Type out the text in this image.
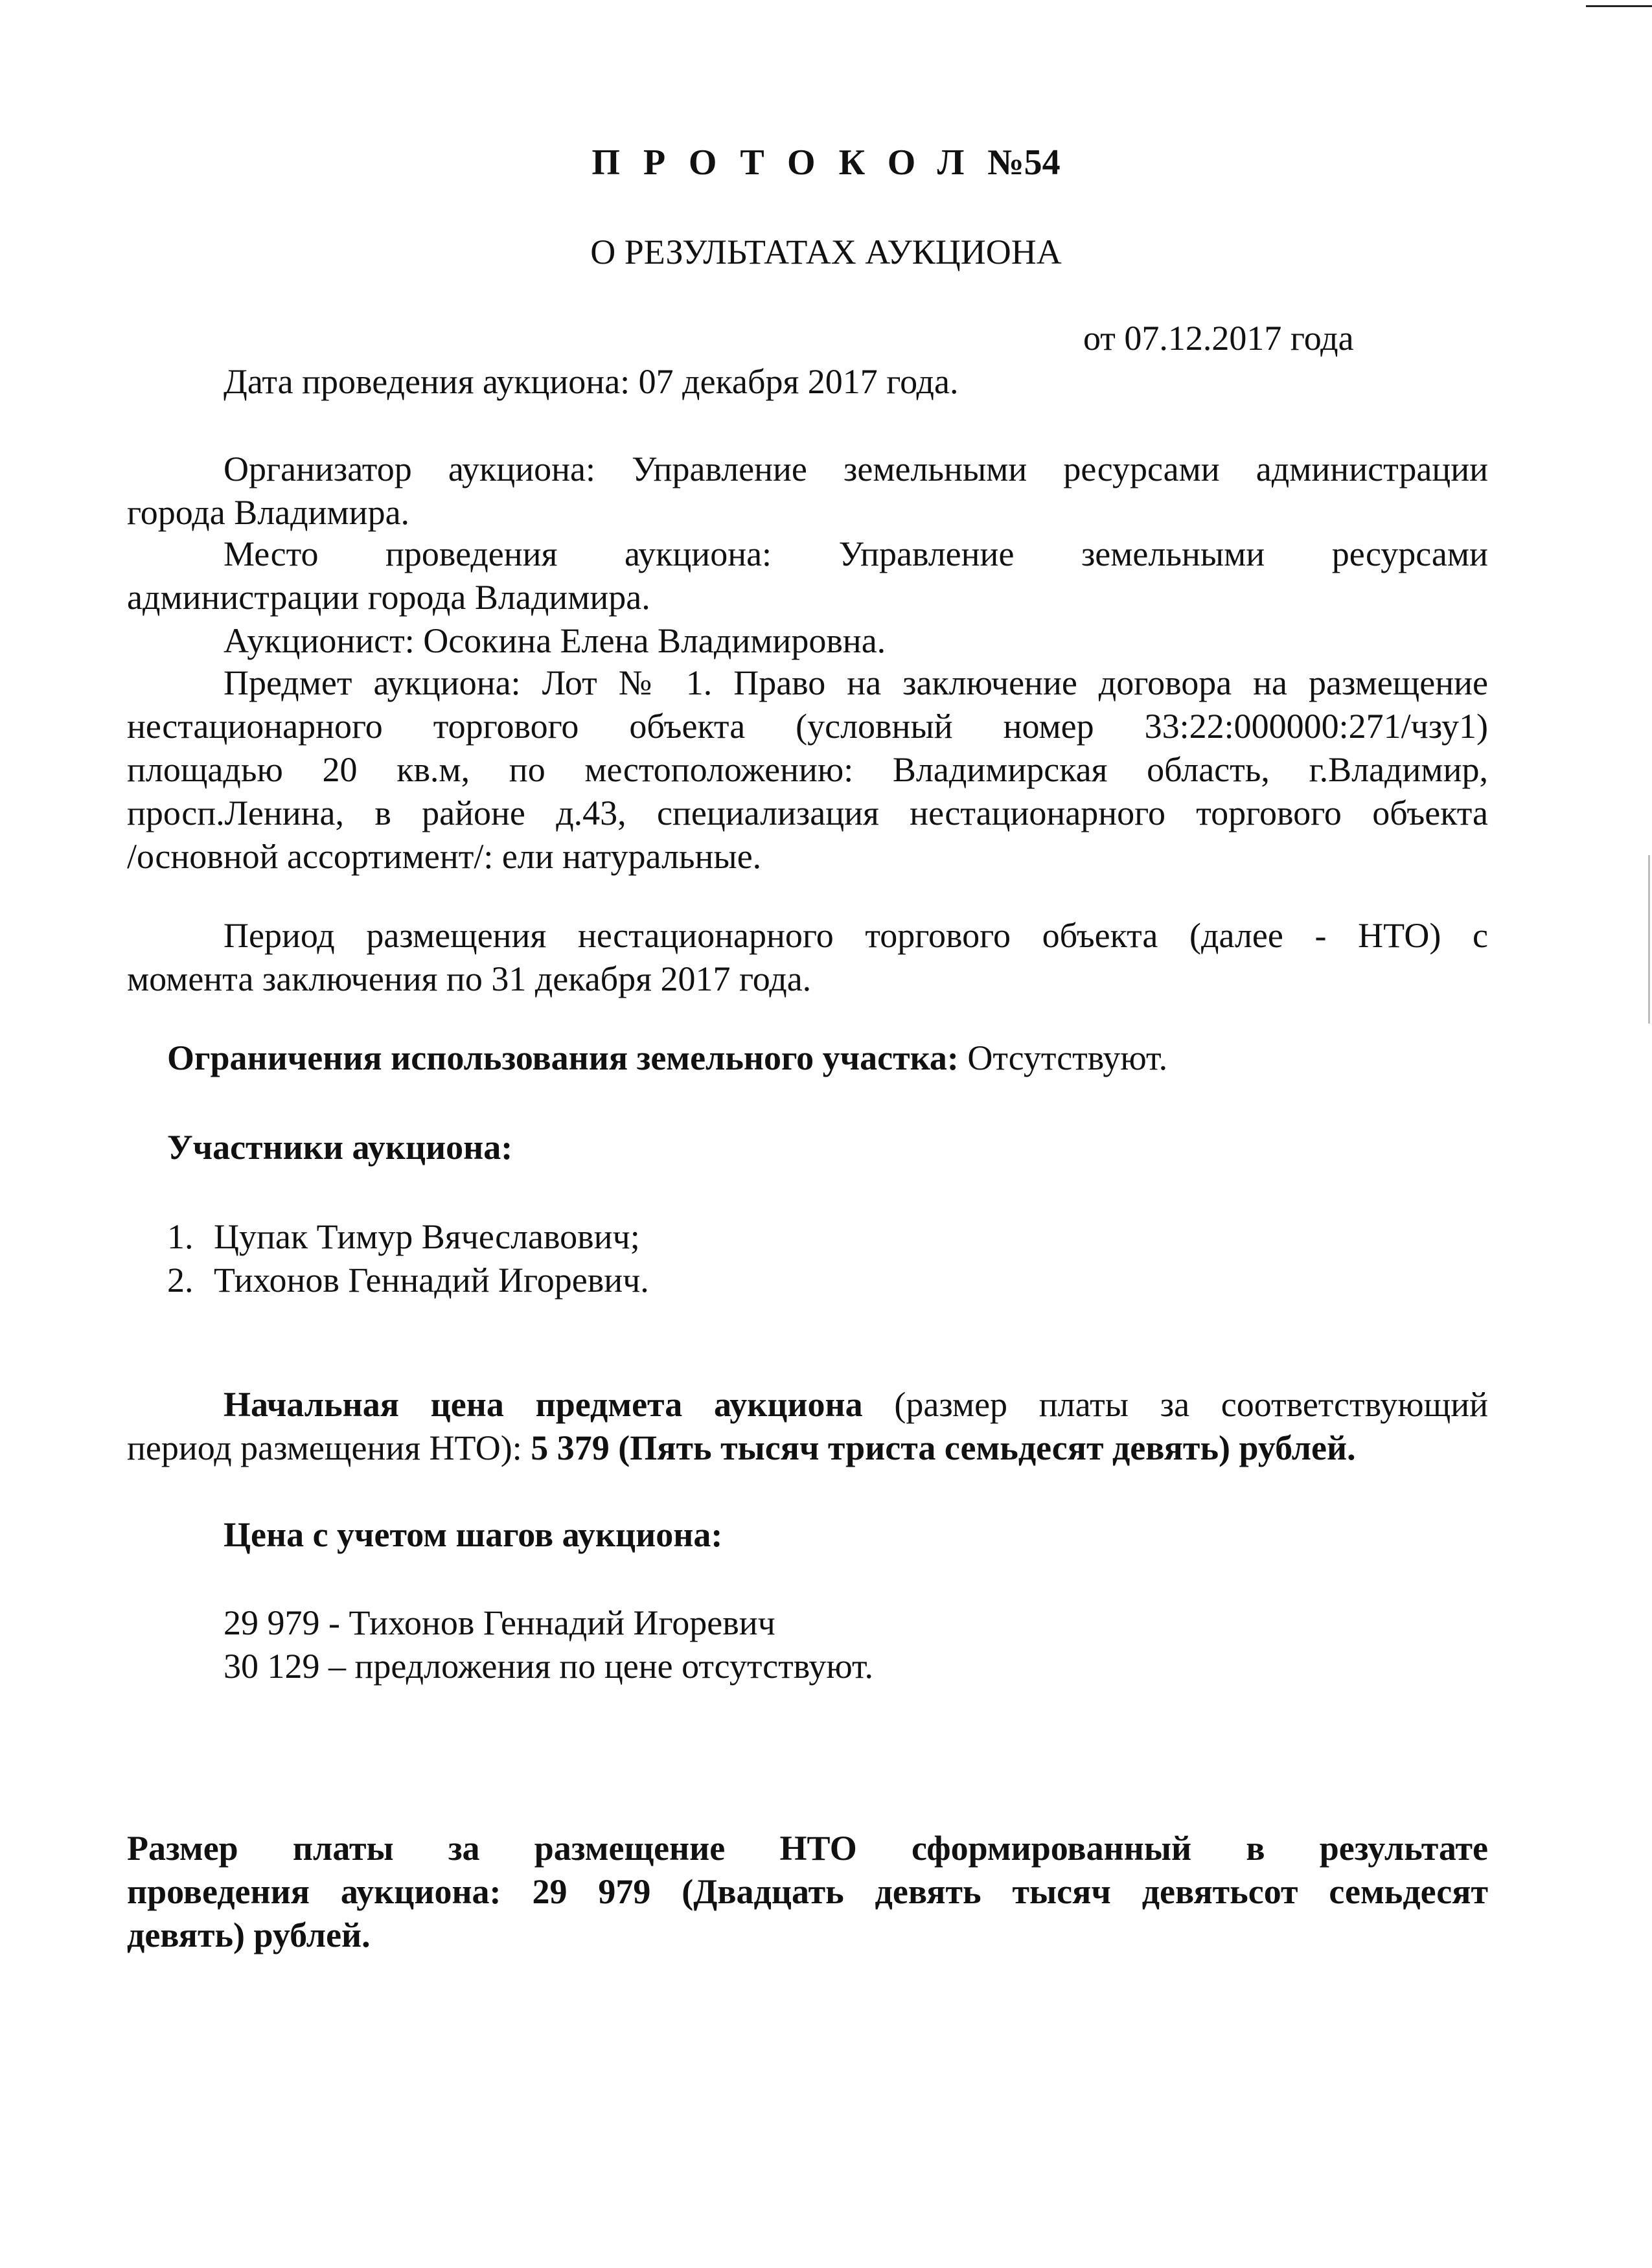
ПРОТОКОЛ№54
О РЕЗУЛЬТАТАХ АУКЦИОНА
от 07.12.2017 года
Дата проведения аукциона: 07 декабря 2017 года.
Организатор аукциона: Управление земельными ресурсами администрации
города Владимира.
Место проведения аукциона: Управление земельными ресурсами
администрации города Владимира.
Аукционист: Осокина Елена Владимировна.
Предмет аукциона: Лот № 1. Право на заключение договора на размещение
нестационарного торгового объекта (условный номер 33:22:000000:271/чзу1)
площадью 20 кв.м, по местоположению: Владимирская область, г.Владимир,
просп.Ленина, в районе д.43, специализация нестационарного торгового объекта
/основной ассортимент/: ели натуральные.
Период размещения нестационарного торгового объекта (далее - НТО) с
момента заключения по 31 декабря 2017 года.
Ограничения использования земельного участка: Отсутствуют.
Участники аукциона:
1. Цупак Тимур Вячеславович;
2. Тихонов Геннадий Игоревич.
Начальная цена предмета аукциона (размер платы за соответствующий
период размещения НТО): 5 379 (Пять тысяч триста семьдесят девять) рублей.
Цена с учетом шагов аукциона:
29 979 - Тихонов Геннадий Игоревич
30 129 – предложения по цене отсутствуют.
Размер платы за размещение НТО сформированный в результате
проведения аукциона: 29 979 (Двадцать девять тысяч девятьсот семьдесят
девять) рублей.
